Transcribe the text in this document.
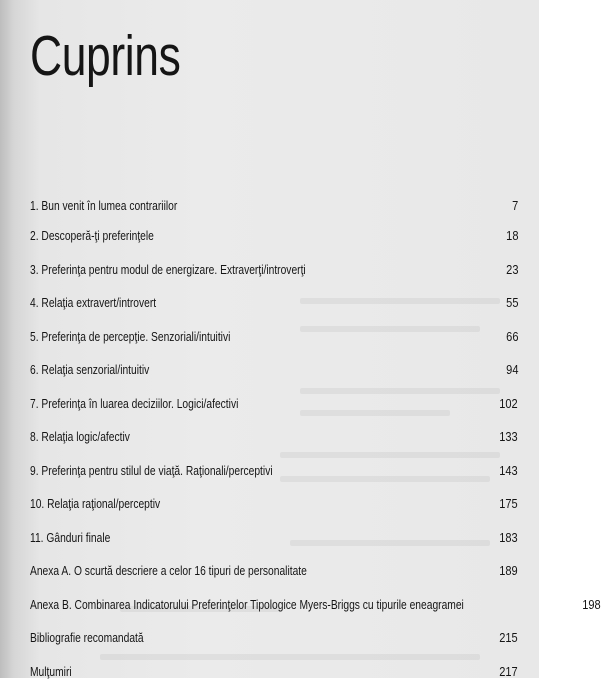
Cuprins
1. Bun venit în lumea contrariilor	7
2. Descoperă-ţi preferinţele	18
3. Preferinţa pentru modul de energizare. Extraverţi/introverţi	23
4. Relaţia extravert/introvert	55
5. Preferinţa de percepţie. Senzoriali/intuitivi	66
6. Relaţia senzorial/intuitiv	94
7. Preferinţa în luarea deciziilor. Logici/afectivi	102
8. Relaţia logic/afectiv	133
9. Preferinţa pentru stilul de viaţă. Raţionali/perceptivi	143
10. Relaţia raţional/perceptiv	175
11. Gânduri finale	183
Anexa A. O scurtă descriere a celor 16 tipuri de personalitate	189
Anexa B. Combinarea Indicatorului Preferinţelor Tipologice Myers-Briggs cu tipurile eneagramei	198
Bibliografie recomandată	215
Mulţumiri	217
